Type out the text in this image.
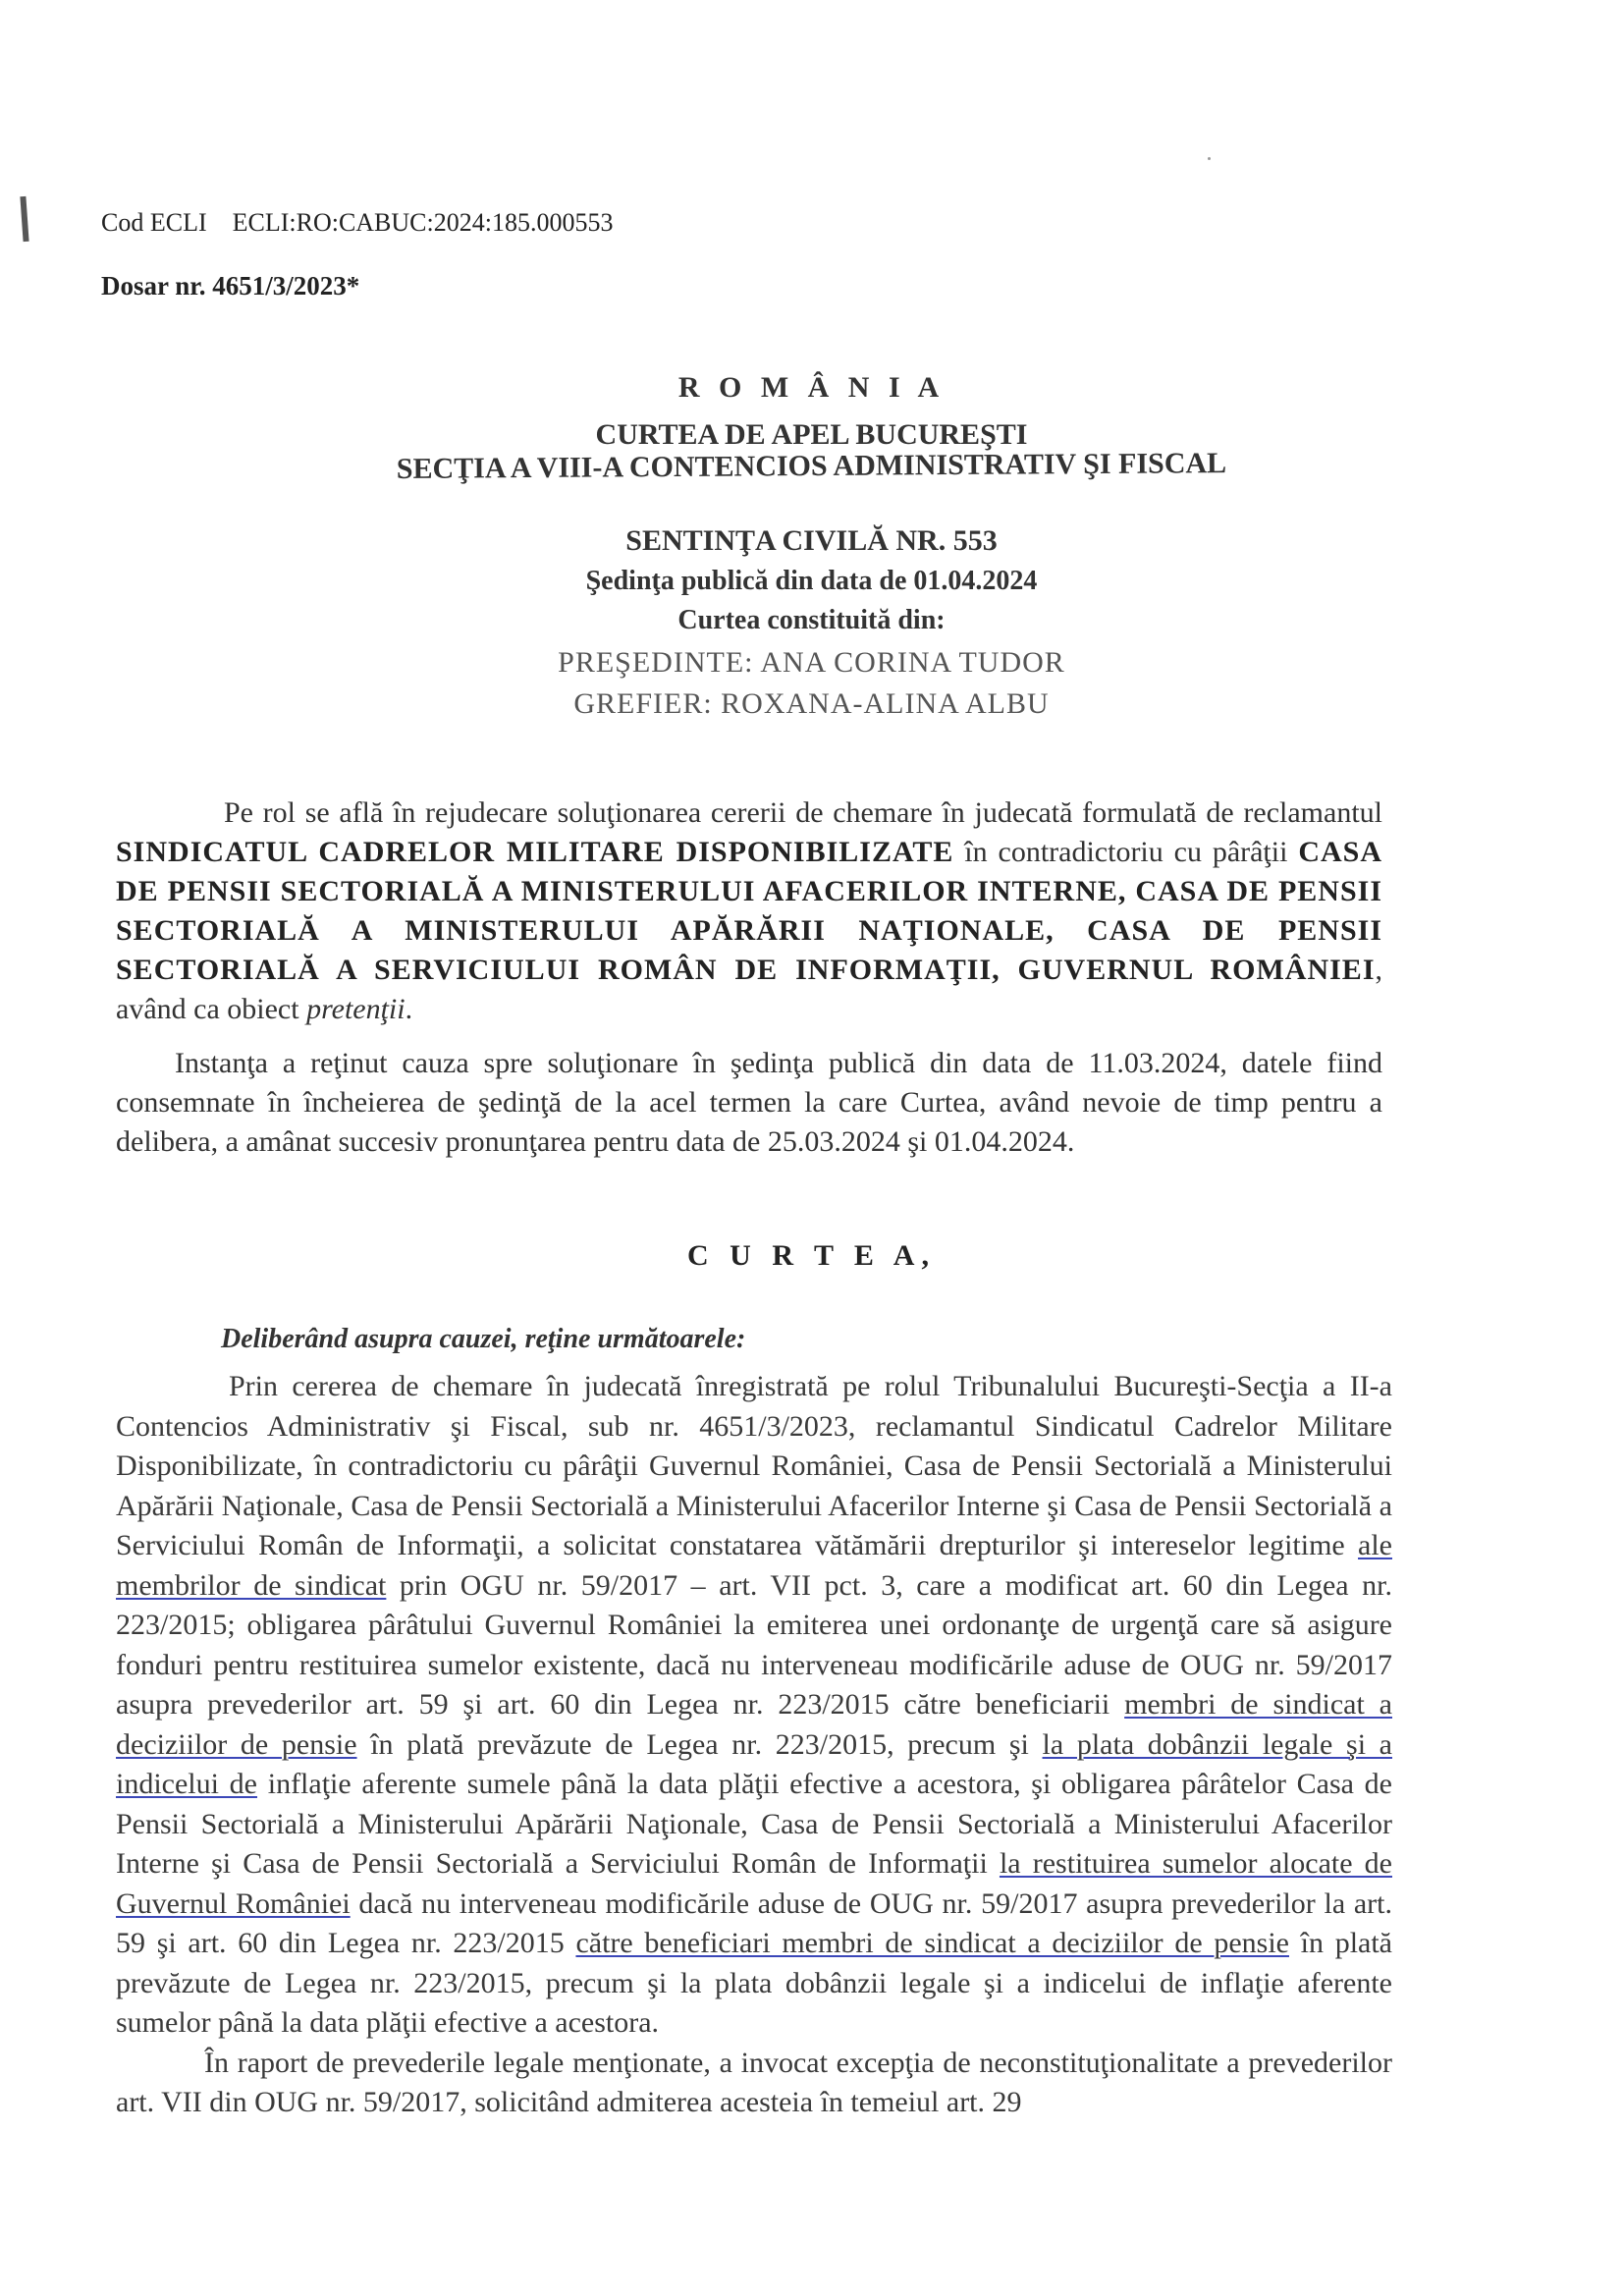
Cod ECLI ECLI:RO:CABUC:2024:185.000553
Dosar nr. 4651/3/2023*
R O M Â N I A
CURTEA DE APEL BUCUREŞTI
SECŢIA A VIII-A CONTENCIOS ADMINISTRATIV ŞI FISCAL
SENTINŢA CIVILĂ NR. 553
Şedinţa publică din data de 01.04.2024
Curtea constituită din:
PREŞEDINTE: ANA CORINA TUDOR
GREFIER: ROXANA-ALINA ALBU
Pe rol se află în rejudecare soluţionarea cererii de chemare în judecată formulată de reclamantul SINDICATUL CADRELOR MILITARE DISPONIBILIZATE în contradictoriu cu pârâţii CASA DE PENSII SECTORIALĂ A MINISTERULUI AFACERILOR INTERNE, CASA DE PENSII SECTORIALĂ A MINISTERULUI APĂRĂRII NAŢIONALE, CASA DE PENSII SECTORIALĂ A SERVICIULUI ROMÂN DE INFORMAŢII, GUVERNUL ROMÂNIEI, având ca obiect pretenţii.
Instanţa a reţinut cauza spre soluţionare în şedinţa publică din data de 11.03.2024, datele fiind consemnate în încheierea de şedinţă de la acel termen la care Curtea, având nevoie de timp pentru a delibera, a amânat succesiv pronunţarea pentru data de 25.03.2024 şi 01.04.2024.
C U R T E A,
Deliberând asupra cauzei, reţine următoarele:
Prin cererea de chemare în judecată înregistrată pe rolul Tribunalului Bucureşti-Secţia a II-a Contencios Administrativ şi Fiscal, sub nr. 4651/3/2023, reclamantul Sindicatul Cadrelor Militare Disponibilizate, în contradictoriu cu pârâţii Guvernul României, Casa de Pensii Sectorială a Ministerului Apărării Naţionale, Casa de Pensii Sectorială a Ministerului Afacerilor Interne şi Casa de Pensii Sectorială a Serviciului Român de Informaţii, a solicitat constatarea vătămării drepturilor şi intereselor legitime ale membrilor de sindicat prin OGU nr. 59/2017 – art. VII pct. 3, care a modificat art. 60 din Legea nr. 223/2015; obligarea pârâtului Guvernul României la emiterea unei ordonanţe de urgenţă care să asigure fonduri pentru restituirea sumelor existente, dacă nu interveneau modificările aduse de OUG nr. 59/2017 asupra prevederilor art. 59 şi art. 60 din Legea nr. 223/2015 către beneficiarii membri de sindicat a deciziilor de pensie în plată prevăzute de Legea nr. 223/2015, precum şi la plata dobânzii legale şi a indicelui de inflaţie aferente sumele până la data plăţii efective a acestora, şi obligarea pârâtelor Casa de Pensii Sectorială a Ministerului Apărării Naţionale, Casa de Pensii Sectorială a Ministerului Afacerilor Interne şi Casa de Pensii Sectorială a Serviciului Român de Informaţii la restituirea sumelor alocate de Guvernul României dacă nu interveneau modificările aduse de OUG nr. 59/2017 asupra prevederilor la art. 59 şi art. 60 din Legea nr. 223/2015 către beneficiari membri de sindicat a deciziilor de pensie în plată prevăzute de Legea nr. 223/2015, precum şi la plata dobânzii legale şi a indicelui de inflaţie aferente sumelor până la data plăţii efective a acestora.
În raport de prevederile legale menţionate, a invocat excepţia de neconstituţionalitate a prevederilor art. VII din OUG nr. 59/2017, solicitând admiterea acesteia în temeiul art. 29
